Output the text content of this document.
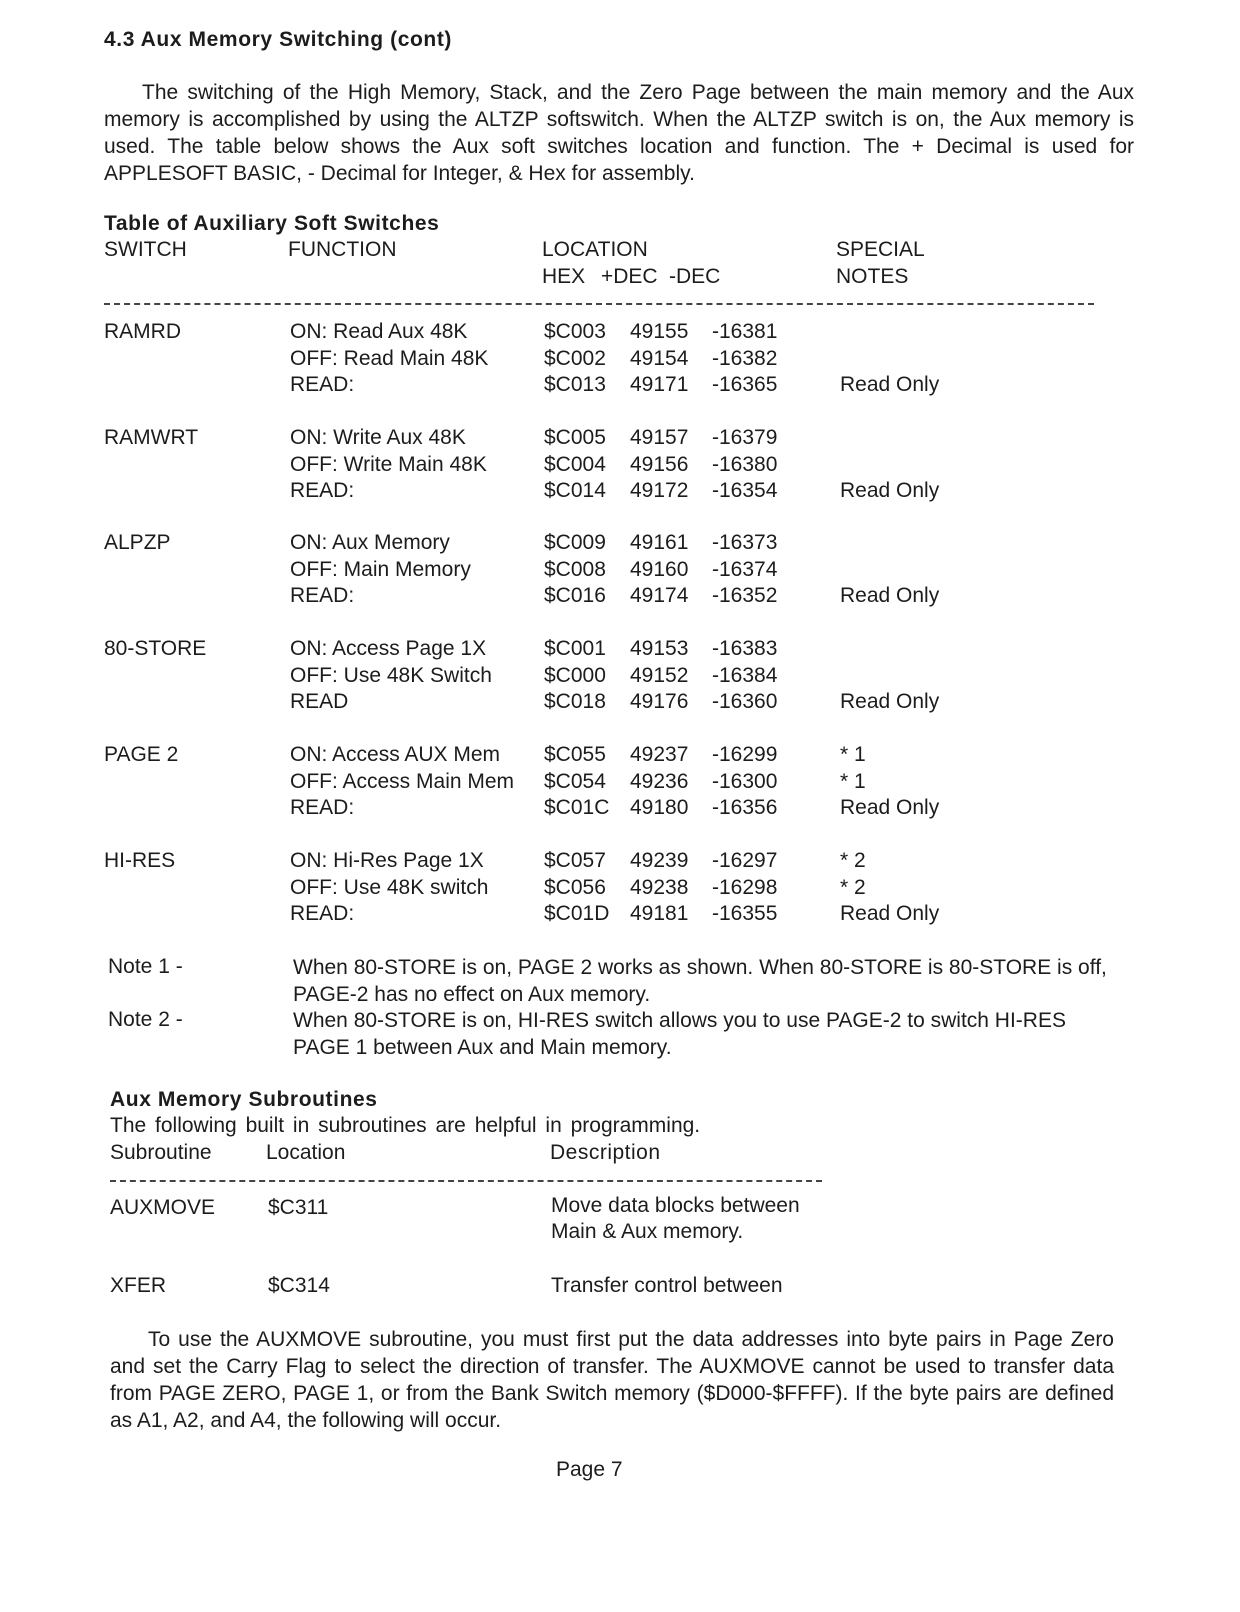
4.3 Aux Memory Switching (cont)
The switching of the High Memory, Stack, and the Zero Page between the main memory and the Aux memory is accomplished by using the ALTZP softswitch. When the ALTZP switch is on, the Aux memory is used. The table below shows the Aux soft switches location and function. The + Decimal is used for APPLESOFT BASIC, - Decimal for Integer, & Hex for assembly.
Table of Auxiliary Soft Switches
SWITCH	FUNCTION	LOCATION	SPECIAL
HEX +DEC -DEC	NOTES
RAMRD	ON: Read Aux 48K	$C003 49155 -16381
OFF: Read Main 48K	$C002 49154 -16382
READ:	$C013 49171 -16365	Read Only
RAMWRT	ON: Write Aux 48K	$C005 49157 -16379
OFF: Write Main 48K	$C004 49156 -16380
READ:	$C014 49172 -16354	Read Only
ALPZP	ON: Aux Memory	$C009 49161 -16373
OFF: Main Memory	$C008 49160 -16374
READ:	$C016 49174 -16352	Read Only
80-STORE	ON: Access Page 1X	$C001 49153 -16383
OFF: Use 48K Switch $C000 49152 -16384
READ	$C018 49176 -16360	Read Only
PAGE 2	ON: Access AUX Mem $C055 49237 -16299	* 1
OFF: Access Main Mem $C054 49236 -16300	* 1
READ:	$C01C 49180 -16356	Read Only
HI-RES	ON: Hi-Res Page 1X	$C057 49239 -16297	* 2
OFF: Use 48K switch	$C056 49238 -16298	* 2
READ:	$C01D 49181 -16355	Read Only
Note 1 -	When 80-STORE is on, PAGE 2 works as shown. When 80-STORE is 80-STORE is off, PAGE-2 has no effect on Aux memory.
Note 2 -	When 80-STORE is on, HI-RES switch allows you to use PAGE-2 to switch HI-RES PAGE 1 between Aux and Main memory.
Aux Memory Subroutines
The following built in subroutines are helpful in programming.
Subroutine	Location	Description
AUXMOVE	$C311	Move data blocks between
Main & Aux memory.
XFER	$C314	Transfer control between
To use the AUXMOVE subroutine, you must first put the data addresses into byte pairs in Page Zero and set the Carry Flag to select the direction of transfer. The AUXMOVE cannot be used to transfer data from PAGE ZERO, PAGE 1, or from the Bank Switch memory ($D000-$FFFF). If the byte pairs are defined as A1, A2, and A4, the following will occur.
Page 7
